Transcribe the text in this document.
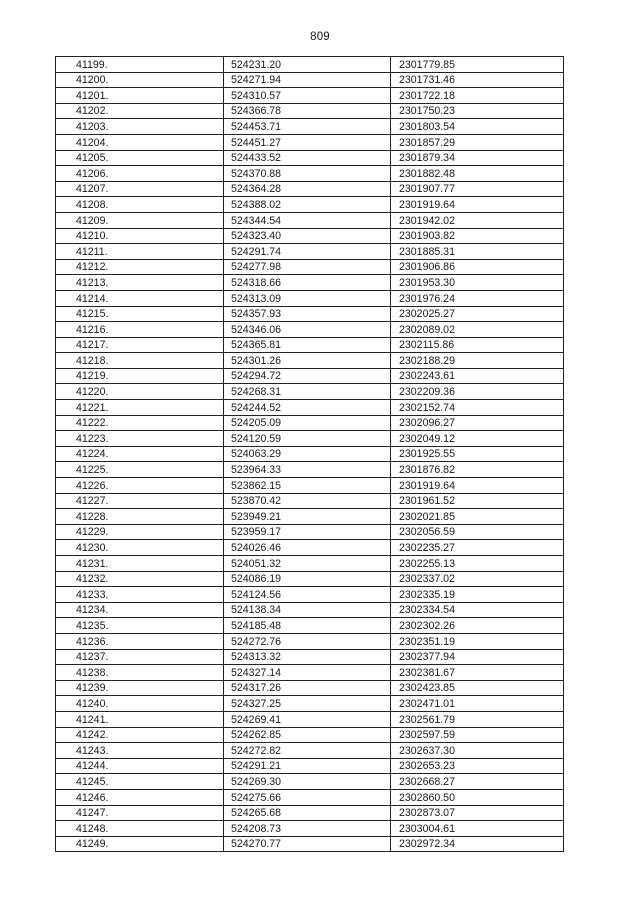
809
41199.	524231.20	2301779.85
41200.	524271.94	2301731.46
41201.	524310.57	2301722.18
41202.	524366.78	2301750.23
41203.	524453.71	2301803.54
41204.	524451.27	2301857.29
41205.	524433.52	2301879.34
41206.	524370.88	2301882.48
41207.	524364.28	2301907.77
41208.	524388.02	2301919.64
41209.	524344.54	2301942.02
41210.	524323.40	2301903.82
41211.	524291.74	2301885.31
41212.	524277.98	2301906.86
41213.	524318.66	2301953.30
41214.	524313.09	2301976.24
41215.	524357.93	2302025.27
41216.	524346.06	2302089.02
41217.	524365.81	2302115.86
41218.	524301.26	2302188.29
41219.	524294.72	2302243.61
41220.	524268.31	2302209.36
41221.	524244.52	2302152.74
41222.	524205.09	2302096.27
41223.	524120.59	2302049.12
41224.	524063.29	2301925.55
41225.	523964.33	2301876.82
41226.	523862.15	2301919.64
41227.	523870.42	2301961.52
41228.	523949.21	2302021.85
41229.	523959.17	2302056.59
41230.	524026.46	2302235.27
41231.	524051.32	2302255.13
41232.	524086.19	2302337.02
41233.	524124.56	2302335.19
41234.	524138.34	2302334.54
41235.	524185.48	2302302.26
41236.	524272.76	2302351.19
41237.	524313.32	2302377.94
41238.	524327.14	2302381.67
41239.	524317.26	2302423.85
41240.	524327.25	2302471.01
41241.	524269.41	2302561.79
41242.	524262.85	2302597.59
41243.	524272.82	2302637.30
41244.	524291.21	2302653.23
41245.	524269.30	2302668.27
41246.	524275.66	2302860.50
41247.	524265.68	2302873.07
41248.	524208.73	2303004.61
41249.	524270.77	2302972.34
